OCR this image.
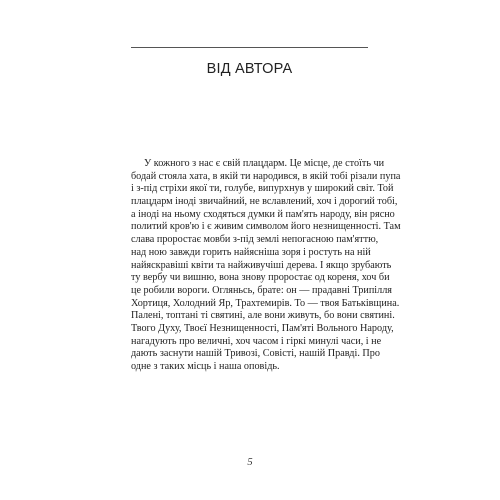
ВІД АВТОРА
У кожного з нас є свій плацдарм. Це місце, де стоїть чи
бодай стояла хата, в якій ти народився, в якій тобі різали пупа
і з-під стріхи якої ти, голубе, випурхнув у широкий світ. Той
плацдарм іноді звичайний, не вславлений, хоч і дорогий тобі,
а іноді на ньому сходяться думки й пам'ять народу, він рясно
политий кров'ю і є живим символом його незнищенності. Там
слава проростає мовби з-під землі непогасною пам'яттю,
над ною завжди горить найясніша зоря і ростуть на ній
найяскравіші квіти та найживучіші дерева. І якщо зрубають
ту вербу чи вишню, вона знову проростає од кореня, хоч би
це робили вороги. Огляньсь, брате: он — прадавні Трипілля
Хортиця, Холодний Яр, Трахтемирів. То — твоя Батьківщина.
Палені, топтані ті святині, але вони живуть, бо вони святині.
Твого Духу, Твоєї Незнищенності, Пам'яті Вольного Народу,
нагадують про величні, хоч часом і гіркі минулі часи, і не
дають заснути нашій Тривозі, Совісті, нашій Правді. Про
одне з таких місць і наша оповідь.
5
